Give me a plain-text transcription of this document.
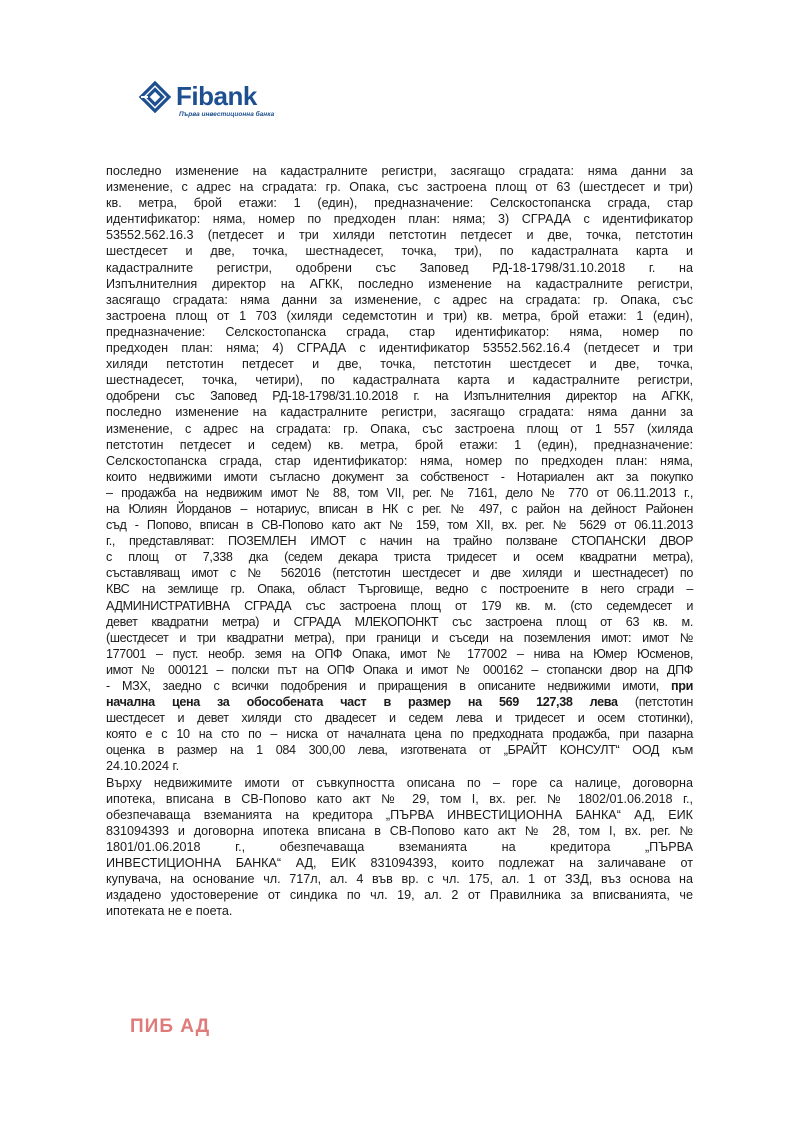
Fibank
Първа инвестиционна банка
последно изменение на кадастралните регистри, засягащо сградата: няма данни за
изменение, с адрес на сградата: гр. Опака, със застроена площ от 63 (шестдесет и три)
кв. метра, брой етажи: 1 (един), предназначение: Селскостопанска сграда, стар
идентификатор: няма, номер по предходен план: няма; 3) СГРАДА с идентификатор
53552.562.16.3 (петдесет и три хиляди петстотин петдесет и две, точка, петстотин
шестдесет и две, точка, шестнадесет, точка, три), по кадастралната карта и
кадастралните регистри, одобрени със Заповед РД-18-1798/31.10.2018 г. на
Изпълнителния директор на АГКК, последно изменение на кадастралните регистри,
засягащо сградата: няма данни за изменение, с адрес на сградата: гр. Опака, със
застроена площ от 1 703 (хиляди седемстотин и три) кв. метра, брой етажи: 1 (един),
предназначение: Селскостопанска сграда, стар идентификатор: няма, номер по
предходен план: няма; 4) СГРАДА с идентификатор 53552.562.16.4 (петдесет и три
хиляди петстотин петдесет и две, точка, петстотин шестдесет и две, точка,
шестнадесет, точка, четири), по кадастралната карта и кадастралните регистри,
одобрени със Заповед РД-18-1798/31.10.2018 г. на Изпълнителния директор на АГКК,
последно изменение на кадастралните регистри, засягащо сградата: няма данни за
изменение, с адрес на сградата: гр. Опака, със застроена площ от 1 557 (хиляда
петстотин петдесет и седем) кв. метра, брой етажи: 1 (един), предназначение:
Селскостопанска сграда, стар идентификатор: няма, номер по предходен план: няма,
които недвижими имоти съгласно документ за собственост - Нотариален акт за покупко
– продажба на недвижим имот № 88, том VII, рег. № 7161, дело № 770 от 06.11.2013 г.,
на Юлиян Йорданов – нотариус, вписан в НК с рег. № 497, с район на дейност Районен
съд - Попово, вписан в СВ-Попово като акт № 159, том XII, вх. рег. № 5629 от 06.11.2013
г., представляват: ПОЗЕМЛЕН ИМОТ с начин на трайно ползване СТОПАНСКИ ДВОР
с площ от 7,338 дка (седем декара триста тридесет и осем квадратни метра),
съставляващ имот с № 562016 (петстотин шестдесет и две хиляди и шестнадесет) по
КВС на землище гр. Опака, област Търговище, ведно с построените в него сгради –
АДМИНИСТРАТИВНА СГРАДА със застроена площ от 179 кв. м. (сто седемдесет и
девет квадратни метра) и СГРАДА МЛЕКОПОНКТ със застроена площ от 63 кв. м.
(шестдесет и три квадратни метра), при граници и съседи на поземления имот: имот №
177001 – пуст. необр. земя на ОПФ Опака, имот № 177002 – нива на Юмер Юсменов,
имот № 000121 – полски път на ОПФ Опака и имот № 000162 – стопански двор на ДПФ
- МЗХ, заедно с всички подобрения и приращения в описаните недвижими имоти, при
начална цена за обособената част в размер на 569 127,38 лева (петстотин
шестдесет и девет хиляди сто двадесет и седем лева и тридесет и осем стотинки),
която е с 10 на сто по – ниска от началната цена по предходната продажба, при пазарна
оценка в размер на 1 084 300,00 лева, изготвената от „БРАЙТ КОНСУЛТ“ ООД към
24.10.2024 г.
Върху недвижимите имоти от съвкупността описана по – горе са налице, договорна
ипотека, вписана в СВ-Попово като акт № 29, том I, вх. рег. № 1802/01.06.2018 г.,
обезпечаваща вземанията на кредитора „ПЪРВА ИНВЕСТИЦИОННА БАНКА“ АД, ЕИК
831094393 и договорна ипотека вписана в СВ-Попово като акт № 28, том I, вх. рег. №
1801/01.06.2018 г., обезпечаваща вземанията на кредитора „ПЪРВА
ИНВЕСТИЦИОННА БАНКА“ АД, ЕИК 831094393, които подлежат на заличаване от
купувача, на основание чл. 717л, ал. 4 във вр. с чл. 175, ал. 1 от ЗЗД, въз основа на
издадено удостоверение от синдика по чл. 19, ал. 2 от Правилника за вписванията, че
ипотеката не е поета.
ПИБ АД
